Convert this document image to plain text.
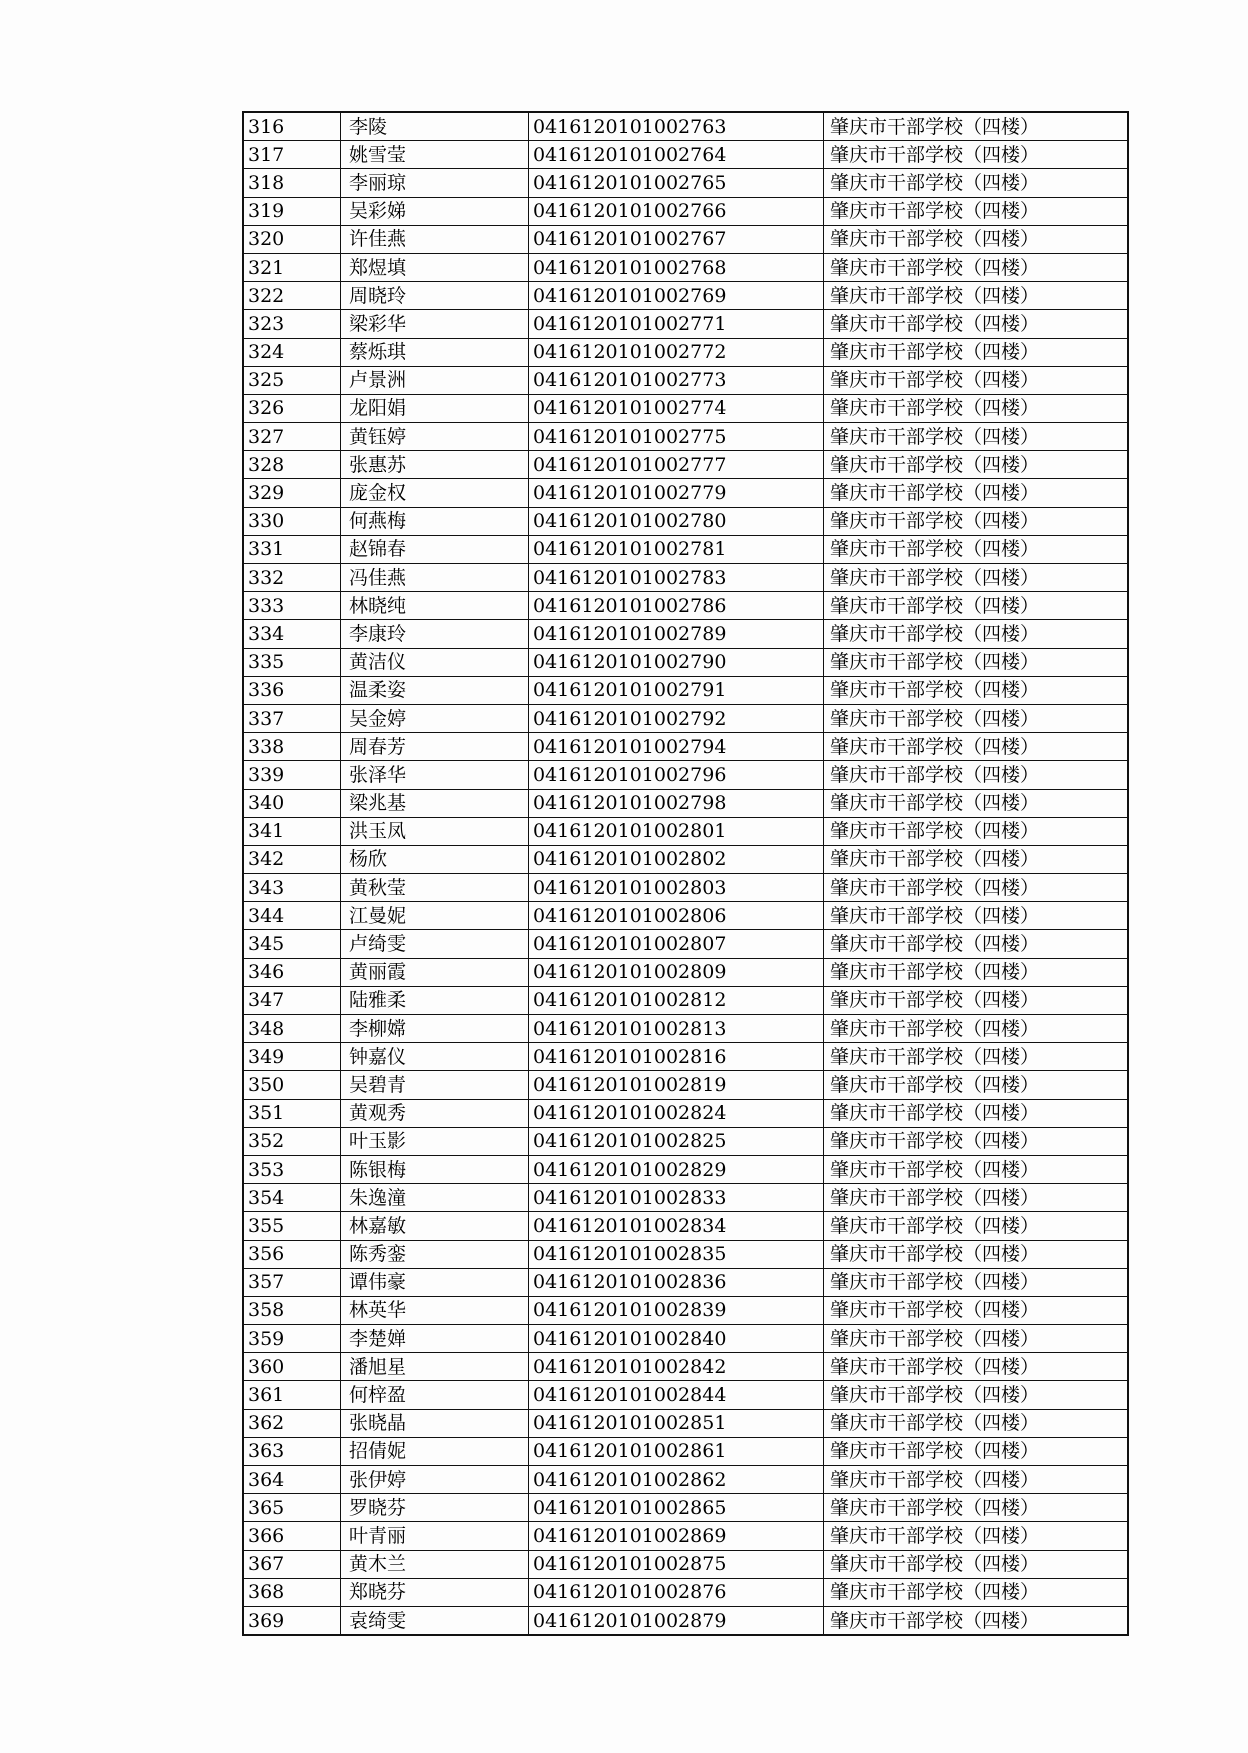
316	李陵	0416120101002763	肇庆市干部学校（四楼）
317	姚雪莹	0416120101002764	肇庆市干部学校（四楼）
318	李丽琼	0416120101002765	肇庆市干部学校（四楼）
319	吴彩娣	0416120101002766	肇庆市干部学校（四楼）
320	许佳燕	0416120101002767	肇庆市干部学校（四楼）
321	郑煜填	0416120101002768	肇庆市干部学校（四楼）
322	周晓玲	0416120101002769	肇庆市干部学校（四楼）
323	梁彩华	0416120101002771	肇庆市干部学校（四楼）
324	蔡烁琪	0416120101002772	肇庆市干部学校（四楼）
325	卢景洲	0416120101002773	肇庆市干部学校（四楼）
326	龙阳娟	0416120101002774	肇庆市干部学校（四楼）
327	黄钰婷	0416120101002775	肇庆市干部学校（四楼）
328	张惠苏	0416120101002777	肇庆市干部学校（四楼）
329	庞金权	0416120101002779	肇庆市干部学校（四楼）
330	何燕梅	0416120101002780	肇庆市干部学校（四楼）
331	赵锦春	0416120101002781	肇庆市干部学校（四楼）
332	冯佳燕	0416120101002783	肇庆市干部学校（四楼）
333	林晓纯	0416120101002786	肇庆市干部学校（四楼）
334	李康玲	0416120101002789	肇庆市干部学校（四楼）
335	黄洁仪	0416120101002790	肇庆市干部学校（四楼）
336	温柔姿	0416120101002791	肇庆市干部学校（四楼）
337	吴金婷	0416120101002792	肇庆市干部学校（四楼）
338	周春芳	0416120101002794	肇庆市干部学校（四楼）
339	张泽华	0416120101002796	肇庆市干部学校（四楼）
340	梁兆基	0416120101002798	肇庆市干部学校（四楼）
341	洪玉凤	0416120101002801	肇庆市干部学校（四楼）
342	杨欣	0416120101002802	肇庆市干部学校（四楼）
343	黄秋莹	0416120101002803	肇庆市干部学校（四楼）
344	江曼妮	0416120101002806	肇庆市干部学校（四楼）
345	卢绮雯	0416120101002807	肇庆市干部学校（四楼）
346	黄丽霞	0416120101002809	肇庆市干部学校（四楼）
347	陆雅柔	0416120101002812	肇庆市干部学校（四楼）
348	李柳嫦	0416120101002813	肇庆市干部学校（四楼）
349	钟嘉仪	0416120101002816	肇庆市干部学校（四楼）
350	吴碧青	0416120101002819	肇庆市干部学校（四楼）
351	黄观秀	0416120101002824	肇庆市干部学校（四楼）
352	叶玉影	0416120101002825	肇庆市干部学校（四楼）
353	陈银梅	0416120101002829	肇庆市干部学校（四楼）
354	朱逸潼	0416120101002833	肇庆市干部学校（四楼）
355	林嘉敏	0416120101002834	肇庆市干部学校（四楼）
356	陈秀銮	0416120101002835	肇庆市干部学校（四楼）
357	谭伟豪	0416120101002836	肇庆市干部学校（四楼）
358	林英华	0416120101002839	肇庆市干部学校（四楼）
359	李楚婵	0416120101002840	肇庆市干部学校（四楼）
360	潘旭星	0416120101002842	肇庆市干部学校（四楼）
361	何梓盈	0416120101002844	肇庆市干部学校（四楼）
362	张晓晶	0416120101002851	肇庆市干部学校（四楼）
363	招倩妮	0416120101002861	肇庆市干部学校（四楼）
364	张伊婷	0416120101002862	肇庆市干部学校（四楼）
365	罗晓芬	0416120101002865	肇庆市干部学校（四楼）
366	叶青丽	0416120101002869	肇庆市干部学校（四楼）
367	黄木兰	0416120101002875	肇庆市干部学校（四楼）
368	郑晓芬	0416120101002876	肇庆市干部学校（四楼）
369	袁绮雯	0416120101002879	肇庆市干部学校（四楼）
